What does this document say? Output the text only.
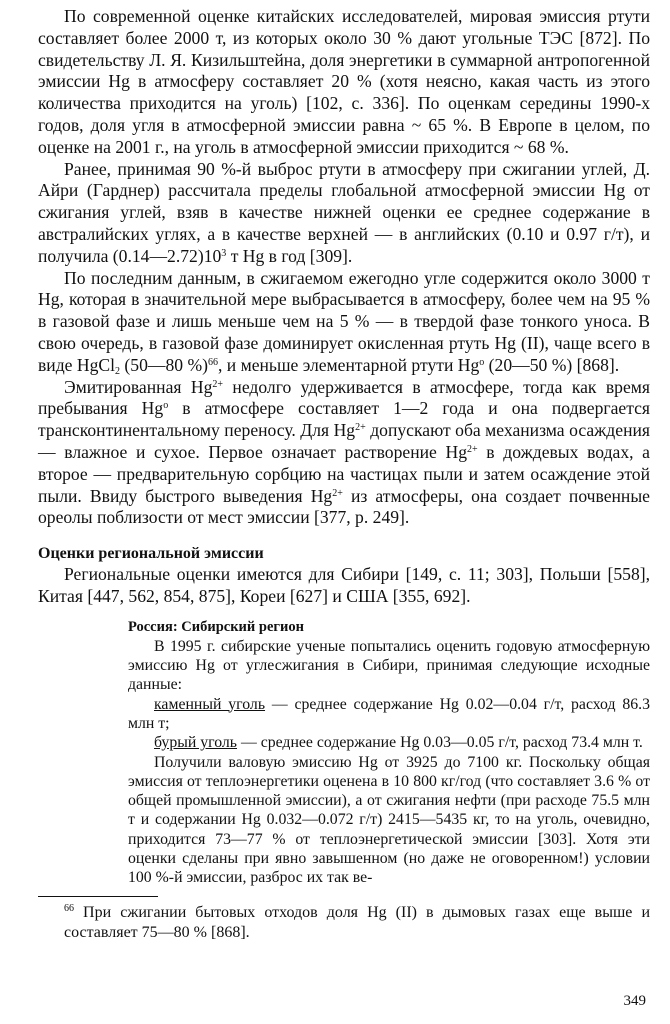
По современной оценке китайских исследователей, мировая эмиссия ртути составляет более 2000 т, из которых около 30 % дают угольные ТЭС [872]. По свидетельству Л. Я. Кизильштейна, доля энергетики в суммарной антропогенной эмиссии Hg в атмосферу составляет 20 % (хотя неясно, какая часть из этого количества приходится на уголь) [102, с. 336]. По оценкам середины 1990-х годов, доля угля в атмосферной эмиссии равна ~ 65 %. В Европе в целом, по оценке на 2001 г., на уголь в атмосферной эмиссии приходится ~ 68 %.

Ранее, принимая 90 %-й выброс ртути в атмосферу при сжигании углей, Д. Айри (Гарднер) рассчитала пределы глобальной атмосферной эмиссии Hg от сжигания углей, взяв в качестве нижней оценки ее среднее содержание в австралийских углях, а в качестве верхней — в английских (0.10 и 0.97 г/т), и получила $(0.14—2.72)10^3$ т Hg в год [309].

По последним данным, в сжигаемом ежегодно угле содержится около 3000 т Hg, которая в значительной мере выбрасывается в атмосферу, более чем на 95 % в газовой фазе и лишь меньше чем на 5 % — в твердой фазе тонкого уноса. В свою очередь, в газовой фазе доминирует окисленная ртуть Hg (II), чаще всего в виде HgCl$_2$ (50—80 %)$^{66}$, и меньше элементарной ртути Hg$^o$ (20—50 %) [868].

Эмитированная $Hg^{2+}$ недолго удерживается в атмосфере, тогда как время пребывания Hg$^o$ в атмосфере составляет 1—2 года и она подвергается трансконтинентальному переносу. Для $Hg^{2+}$ допускают оба механизма осаждения — влажное и сухое. Первое означает растворение $Hg^{2+}$ в дождевых водах, а второе — предварительную сорбцию на частицах пыли и затем осаждение этой пыли. Ввиду быстрого выведения $Hg^{2+}$ из атмосферы, она создает почвенные ореолы поблизости от мест эмиссии [377, р. 249].

Оценки региональной эмиссии

Региональные оценки имеются для Сибири [149, с. 11; 303], Польши [558], Китая [447, 562, 854, 875], Кореи [627] и США [355, 692].

Россия: Сибирский регион

В 1995 г. сибирские ученые попытались оценить годовую атмосферную эмиссию Hg от углесжигания в Сибири, принимая следующие исходные данные:

каменный уголь — среднее содержание Hg 0.02—0.04 г/т, расход 86.3 млн т;

бурый уголь — среднее содержание Hg 0.03—0.05 г/т, расход 73.4 млн т.

Получили валовую эмиссию Hg от 3925 до 7100 кг. Поскольку общая эмиссия от теплоэнергетики оценена в 10 800 кг/год (что составляет 3.6 % от общей промышленной эмиссии), а от сжигания нефти (при расходе 75.5 млн т и содержании Hg 0.032—0.072 г/т) 2415—5435 кг, то на уголь, очевидно, приходится 73—77 % от теплоэнергетической эмиссии [303]. Хотя эти оценки сделаны при явно завышенном (но даже не оговоренном!) условии 100 %-й эмиссии, разброс их так ве-

$^{66}$ При сжигании бытовых отходов доля Hg (II) в дымовых газах еще выше и составляет 75—80 % [868].

349
